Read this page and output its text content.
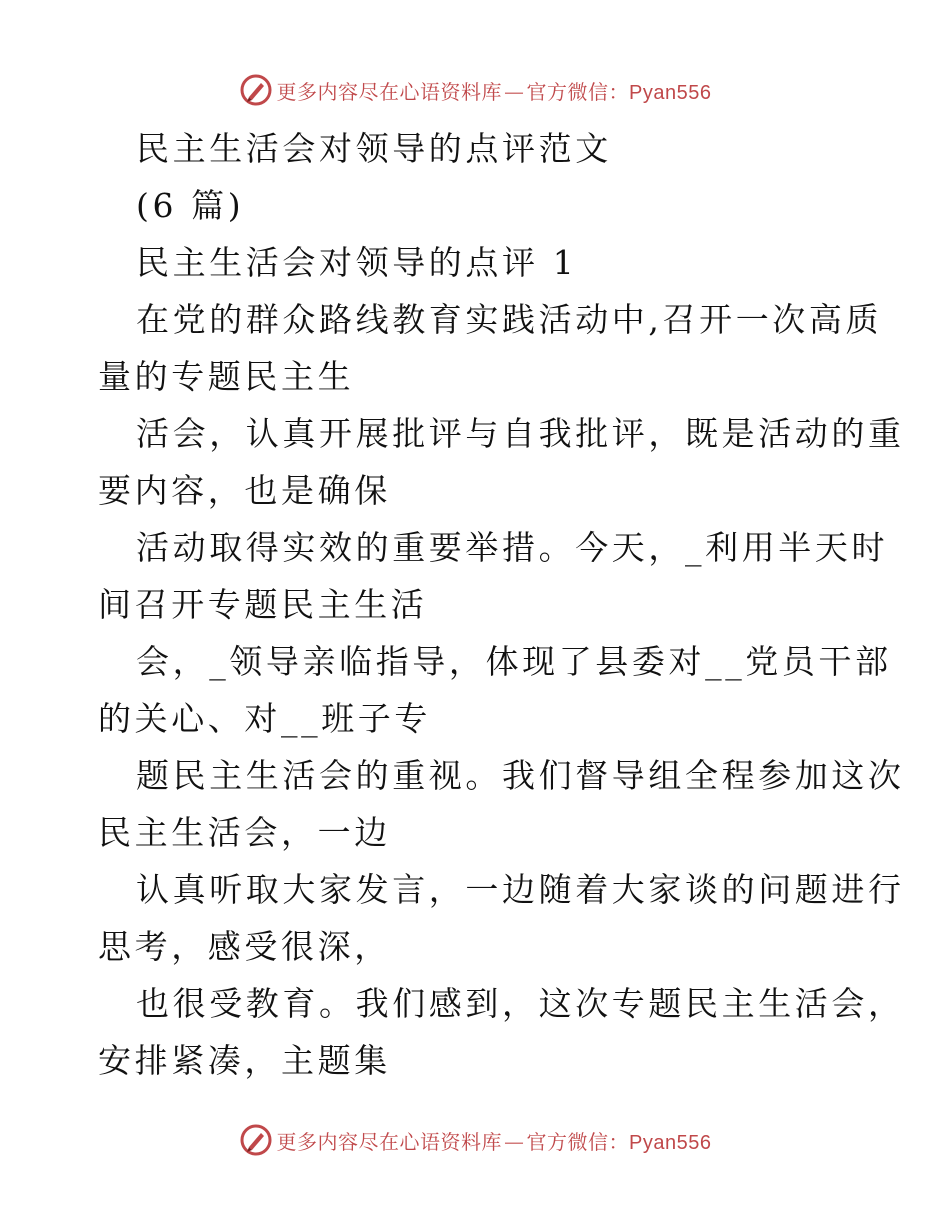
更多内容尽在心语资料库 — 官方微信：Pyan556
民主生活会对领导的点评范文
(6 篇)
民主生活会对领导的点评 1
在党的群众路线教育实践活动中,召开一次高质
量的专题民主生
活会，认真开展批评与自我批评，既是活动的重
要内容，也是确保
活动取得实效的重要举措。今天，_利用半天时
间召开专题民主生活
会，_领导亲临指导，体现了县委对__党员干部
的关心、对__班子专
题民主生活会的重视。我们督导组全程参加这次
民主生活会，一边
认真听取大家发言，一边随着大家谈的问题进行
思考，感受很深，
也很受教育。我们感到，这次专题民主生活会，
安排紧凑，主题集
更多内容尽在心语资料库 — 官方微信：Pyan556
